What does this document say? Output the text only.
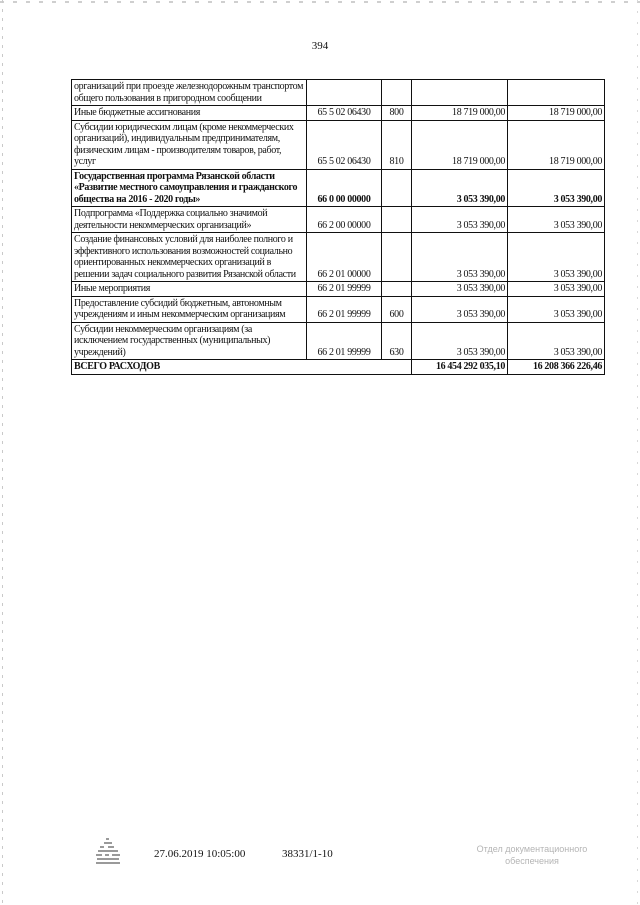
394
организаций при проезде железнодорожным транспортом общего пользования в пригородном сообщении				
Иные бюджетные ассигнования	65 5 02 06430	800	18 719 000,00	18 719 000,00
Субсидии юридическим лицам (кроме некоммерческих организаций), индивидуальным предпринимателям, физическим лицам - производителям товаров, работ, услуг	65 5 02 06430	810	18 719 000,00	18 719 000,00
Государственная программа Рязанской области «Развитие местного самоуправления и гражданского общества на 2016 - 2020 годы»	66 0 00 00000		3 053 390,00	3 053 390,00
Подпрограмма «Поддержка социально значимой деятельности некоммерческих организаций»	66 2 00 00000		3 053 390,00	3 053 390,00
Создание финансовых условий для наиболее полного и эффективного использования возможностей социально ориентированных некоммерческих организаций в решении задач социального развития Рязанской области	66 2 01 00000		3 053 390,00	3 053 390,00
Иные мероприятия	66 2 01 99999		3 053 390,00	3 053 390,00
Предоставление субсидий бюджетным, автономным учреждениям и иным некоммерческим организациям	66 2 01 99999	600	3 053 390,00	3 053 390,00
Субсидии некоммерческим организациям (за исключением государственных (муниципальных) учреждений)	66 2 01 99999	630	3 053 390,00	3 053 390,00
ВСЕГО РАСХОДОВ			16 454 292 035,10	16 208 366 226,46
27.06.2019 10:05:00	38331/1-10	Отдел документационного
обеспечения
